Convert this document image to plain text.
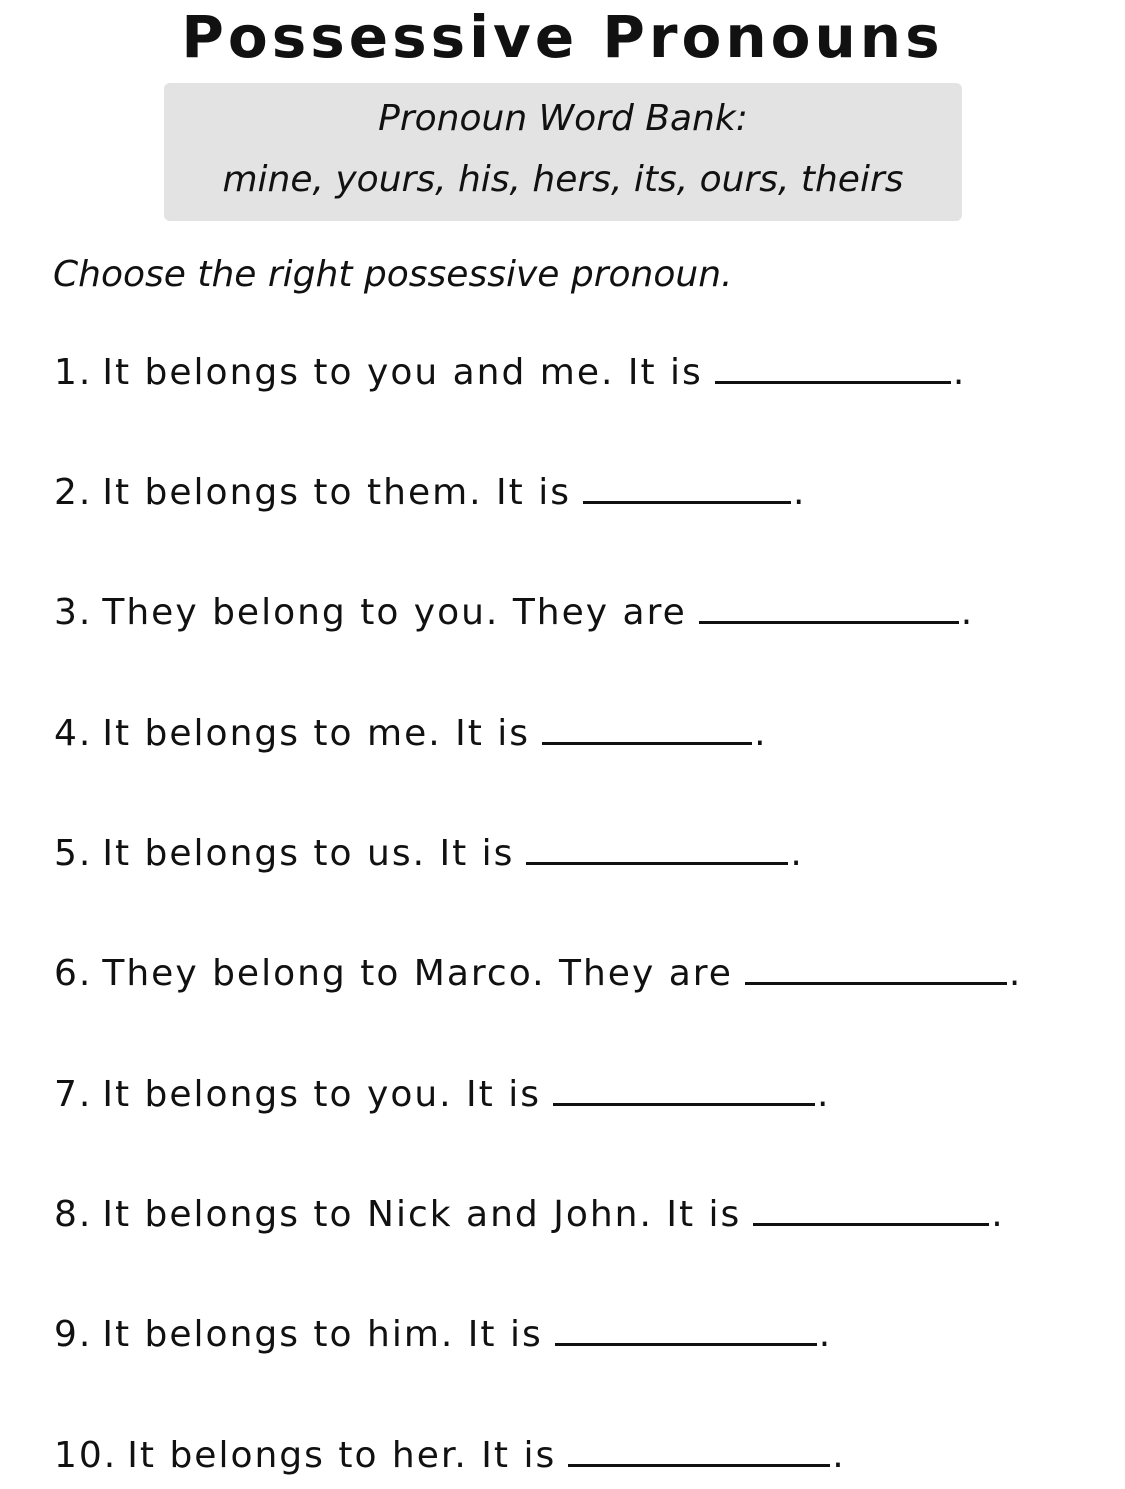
Possessive Pronouns
Pronoun Word Bank:
mine, yours, his, hers, its, ours, theirs

Choose the right possessive pronoun.

1. It belongs to you and me. It is	.
2. It belongs to them. It is	.
3. They belong to you. They are	.
4. It belongs to me. It is	.
5. It belongs to us. It is	.
6. They belong to Marco. They are	.
7. It belongs to you. It is	.
8. It belongs to Nick and John. It is	.
9. It belongs to him. It is	.
10. It belongs to her. It is	.
